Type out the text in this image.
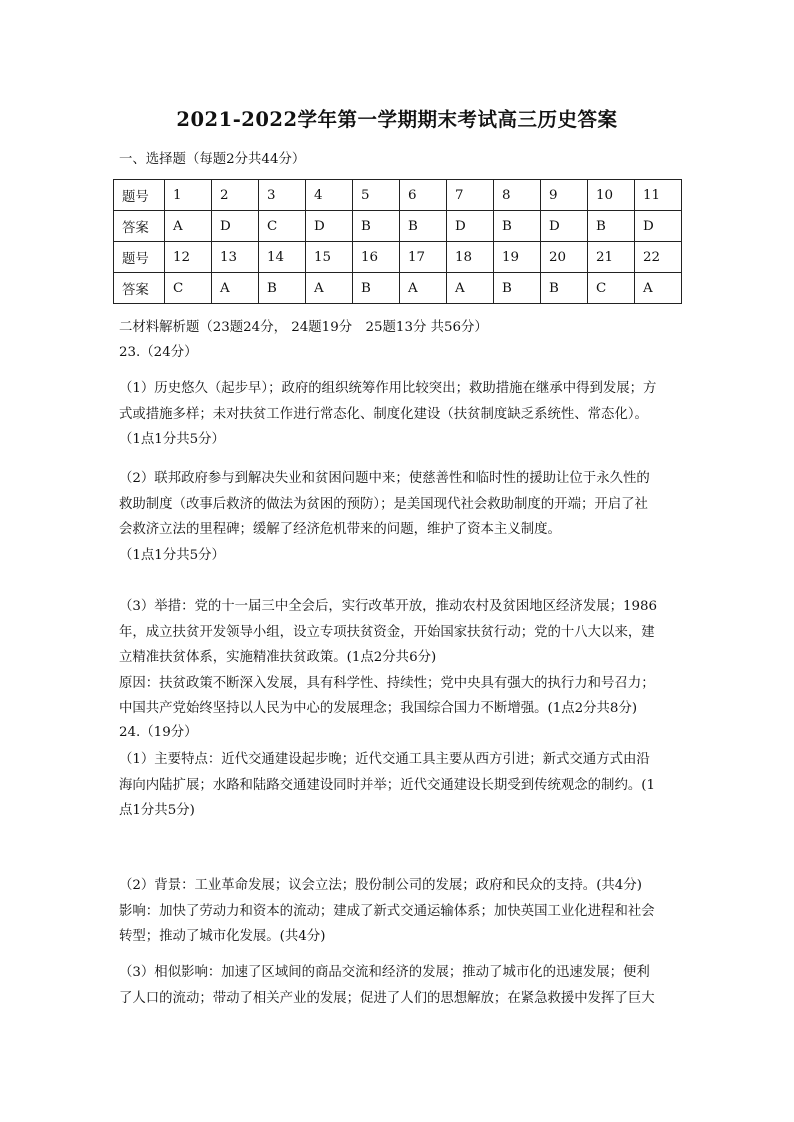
2021-2022学年第一学期期末考试高三历史答案
一、选择题（每题2分共44分）
题号	1	2	3	4	5	6	7	8	9	10	11
答案	A	D	C	D	B	B	D	B	D	B	D
题号	12	13	14	15	16	17	18	19	20	21	22
答案	C	A	B	A	B	A	A	B	B	C	A
二材料解析题（23题24分， 24题19分　25题13分 共56分）
23.（24分）
（1）历史悠久（起步早）；政府的组织统筹作用比较突出；救助措施在继承中得到发展；方
式或措施多样；未对扶贫工作进行常态化、制度化建设（扶贫制度缺乏系统性、常态化）。
（1点1分共5分）
（2）联邦政府参与到解决失业和贫困问题中来；使慈善性和临时性的援助让位于永久性的
救助制度（改事后救济的做法为贫困的预防）；是美国现代社会救助制度的开端；开启了社
会救济立法的里程碑；缓解了经济危机带来的问题，维护了资本主义制度。
（1点1分共5分）
（3）举措：党的十一届三中全会后，实行改革开放，推动农村及贫困地区经济发展；1986
年，成立扶贫开发领导小组，设立专项扶贫资金，开始国家扶贫行动；党的十八大以来，建
立精准扶贫体系，实施精准扶贫政策。(1点2分共6分)
原因：扶贫政策不断深入发展，具有科学性、持续性；党中央具有强大的执行力和号召力；
中国共产党始终坚持以人民为中心的发展理念；我国综合国力不断增强。(1点2分共8分)
24.（19分）
（1）主要特点：近代交通建设起步晚；近代交通工具主要从西方引进；新式交通方式由沿
海向内陆扩展；水路和陆路交通建设同时并举；近代交通建设长期受到传统观念的制约。(1
点1分共5分)
（2）背景：工业革命发展；议会立法；股份制公司的发展；政府和民众的支持。(共4分)
影响：加快了劳动力和资本的流动；建成了新式交通运输体系；加快英国工业化进程和社会
转型；推动了城市化发展。(共4分)
（3）相似影响：加速了区域间的商品交流和经济的发展；推动了城市化的迅速发展；便利
了人口的流动；带动了相关产业的发展；促进了人们的思想解放；在紧急救援中发挥了巨大
